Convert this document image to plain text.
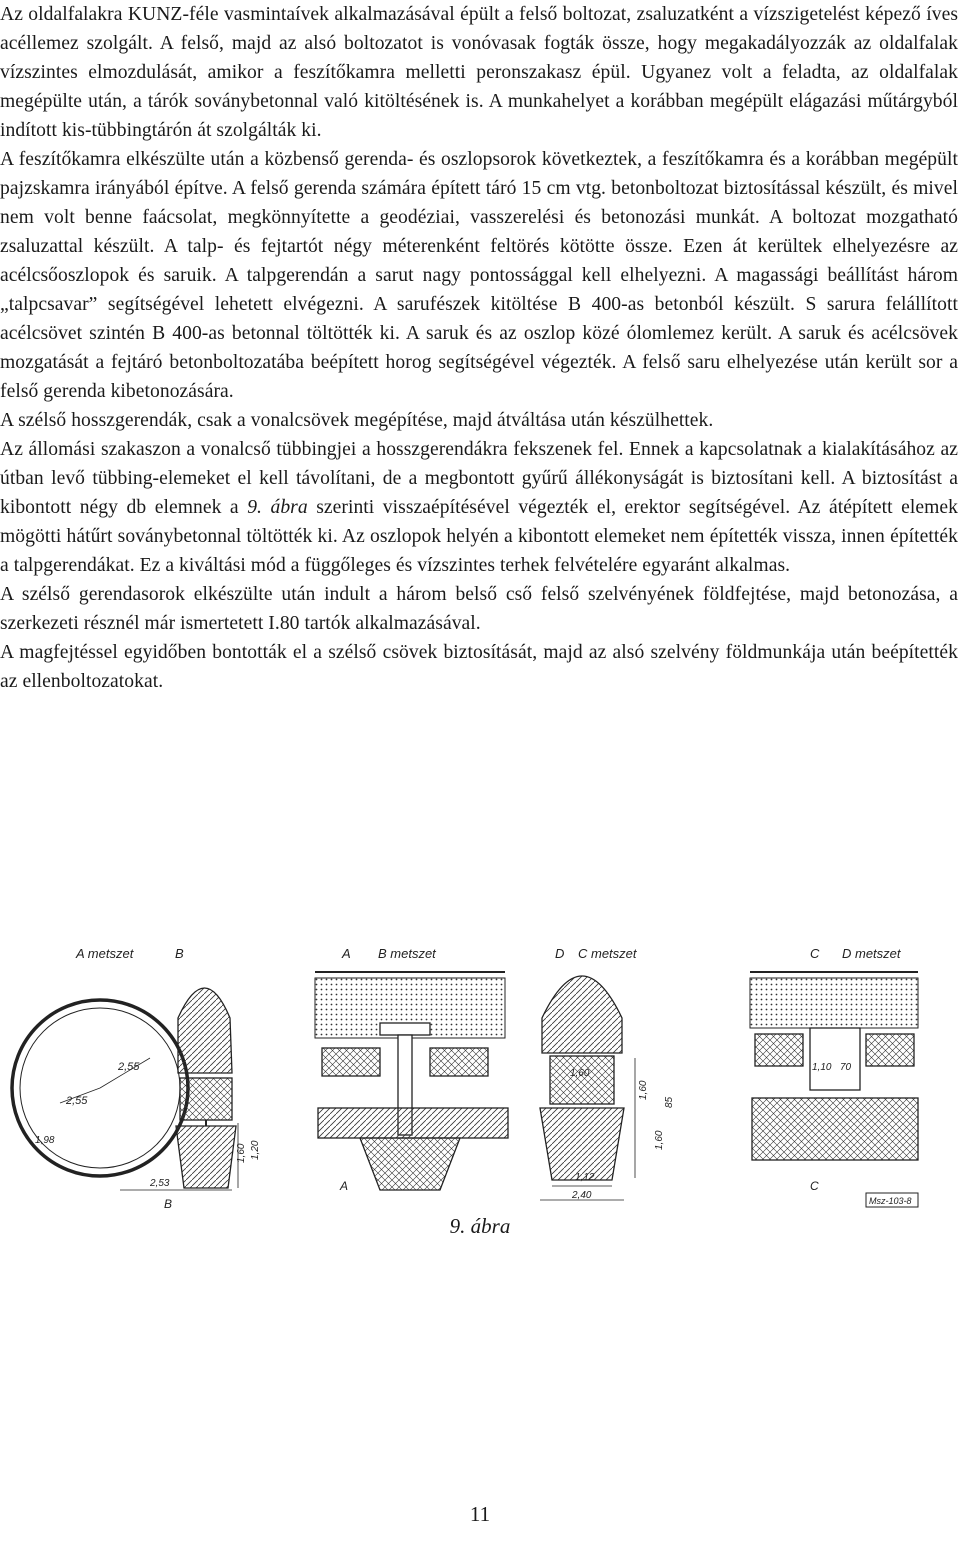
Az oldalfalakra KUNZ-féle vasmintaívek alkalmazásával épült a felső boltozat, zsaluzatként a vízszigetelést képező íves acéllemez szolgált. A felső, majd az alsó boltozatot is vonóvasak fogták össze, hogy megakadályozzák az oldalfalak vízszintes elmozdulását, amikor a feszítőkamra melletti peronszakasz épül. Ugyanez volt a feladta, az oldalfalak megépülte után, a tárók soványbetonnal való kitöltésének is. A munkahelyet a korábban megépült elágazási műtárgyból indított kis-tübbingtárón át szolgálták ki.

A feszítőkamra elkészülte után a közbenső gerenda- és oszlopsorok következtek, a feszítőkamra és a korábban megépült pajzskamra irányából építve. A felső gerenda számára épített táró 15 cm vtg. betonboltozat biztosítással készült, és mivel nem volt benne faácsolat, megkönnyítette a geodéziai, vasszerelési és betonozási munkát. A boltozat mozgatható zsaluzattal készült. A talp- és fejtartót négy méterenként feltörés kötötte össze. Ezen át kerültek elhelyezésre az acélcsőoszlopok és saruik. A talpgerendán a sarut nagy pontossággal kell elhelyezni. A magassági beállítást három „talpcsavar” segítségével lehetett elvégezni. A sarufészek kitöltése B 400-as betonból készült. S sarura felállított acélcsövet szintén B 400-as betonnal töltötték ki. A saruk és az oszlop közé ólomlemez került. A saruk és acélcsövek mozgatását a fejtáró betonboltozatába beépített horog segítségével végezték. A felső saru elhelyezése után került sor a felső gerenda kibetonozására.

A szélső hosszgerendák, csak a vonalcsövek megépítése, majd átváltása után készülhettek.

Az állomási szakaszon a vonalcső tübbingjei a hosszgerendákra fekszenek fel. Ennek a kapcsolatnak a kialakításához az útban levő tübbing-elemeket el kell távolítani, de a megbontott gyűrű állékonyságát is biztosítani kell. A biztosítást a kibontott négy db elemnek a 9. ábra szerinti visszaépítésével végezték el, erektor segítségével. Az átépített elemek mögötti hátűrt soványbetonnal töltötték ki. Az oszlopok helyén a kibontott elemeket nem építették vissza, innen építették a talpgerendákat. Ez a kiváltási mód a függőleges és vízszintes terhek felvételére egyaránt alkalmas.

A szélső gerendasorok elkészülte után indult a három belső cső felső szelvényének földfejtése, majd betonozása, a szerkezeti résznél már ismertetett I.80 tartók alkalmazásával.

A magfejtéssel egyidőben bontották el a szélső csövek biztosítását, majd az alsó szelvény földmunkája után beépítették az ellenboltozatokat.

A metszet	B
2,55
2,55
1,98
1,60 1,20
2,53
B
A B metszet
A
C metszet
1,60
1,60
1,60
85
1,12
2,40
D	D metszet
C
1,10 70
C
Msz-103-8
9. ábra
11
